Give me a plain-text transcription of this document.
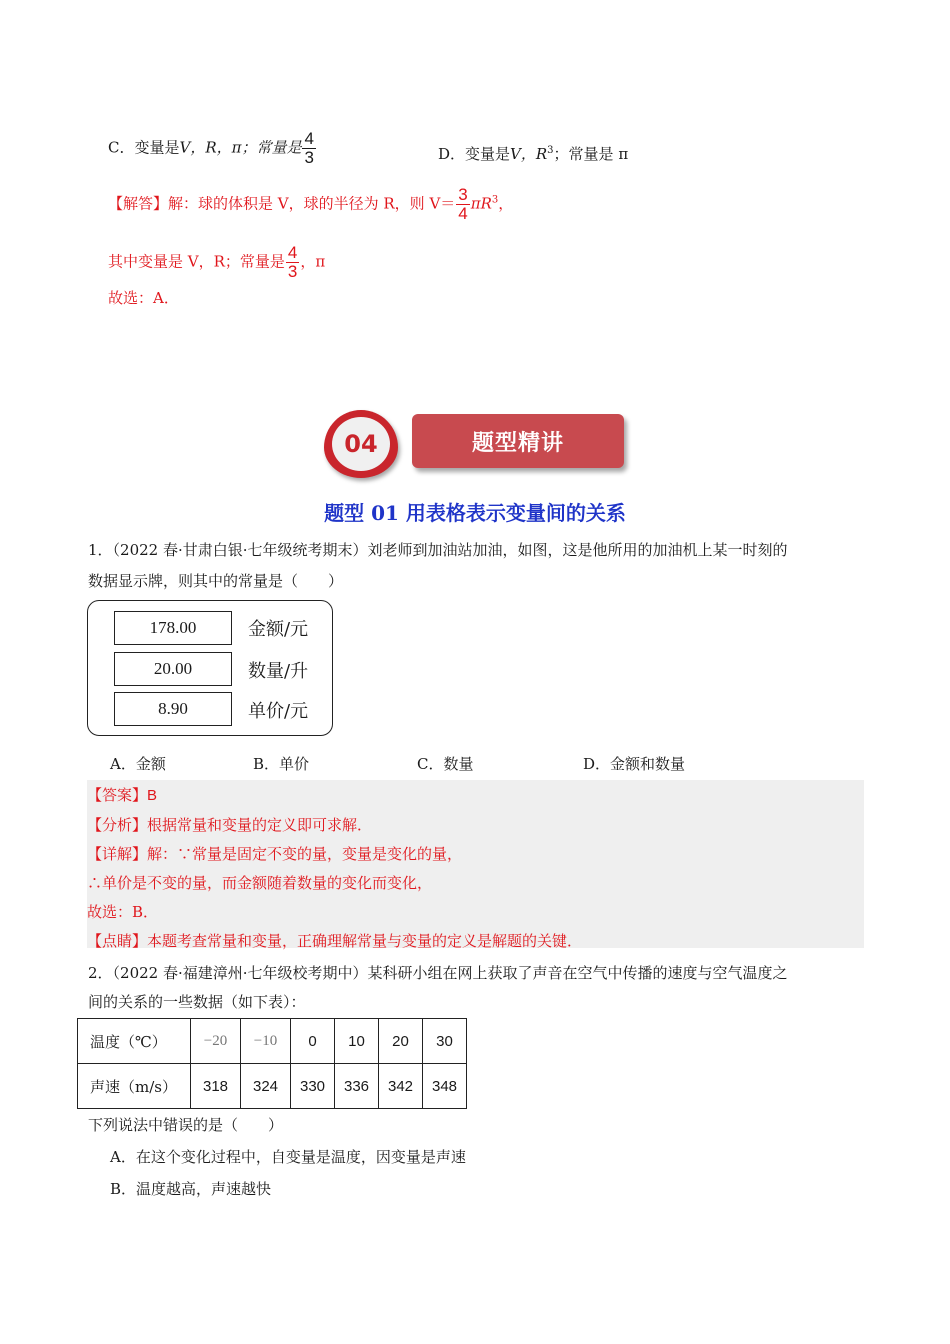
C．变量是V，R，π；常量是 $\frac{4}{3}$	D．变量是V，$R^3$；常量是 π
【解答】解：球的体积是 V，球的半径为 R，则 $V= \frac{3}{4} \pi R^3$，
其中变量是 V，R；常量是 $\frac{4}{3}$ ，π
故选：A．
04	题型精讲
题型 01 用表格表示变量间的关系
1．（2022 春·甘肃白银·七年级统考期末）刘老师到加油站加油，如图，这是他所用的加油机上某一时刻的
数据显示牌，则其中的常量是（　　）
178.00	金额/元
20.00	数量/升
8.90	单价/元
A．金额	B．单价	C．数量	D．金额和数量
【答案】B
【分析】根据常量和变量的定义即可求解．
【详解】解：∵常量是固定不变的量，变量是变化的量，
∴单价是不变的量，而金额随着数量的变化而变化，
故选：B．
【点睛】本题考查常量和变量，正确理解常量与变量的定义是解题的关键．
2．（2022 春·福建漳州·七年级校考期中）某科研小组在网上获取了声音在空气中传播的速度与空气温度之
间的关系的一些数据（如下表）：
温度（℃）	−20	−10	0	10	20	30
声速（m/s）	318	324	330	336	342	348
下列说法中错误的是（　　）
A．在这个变化过程中，自变量是温度，因变量是声速
B．温度越高，声速越快
